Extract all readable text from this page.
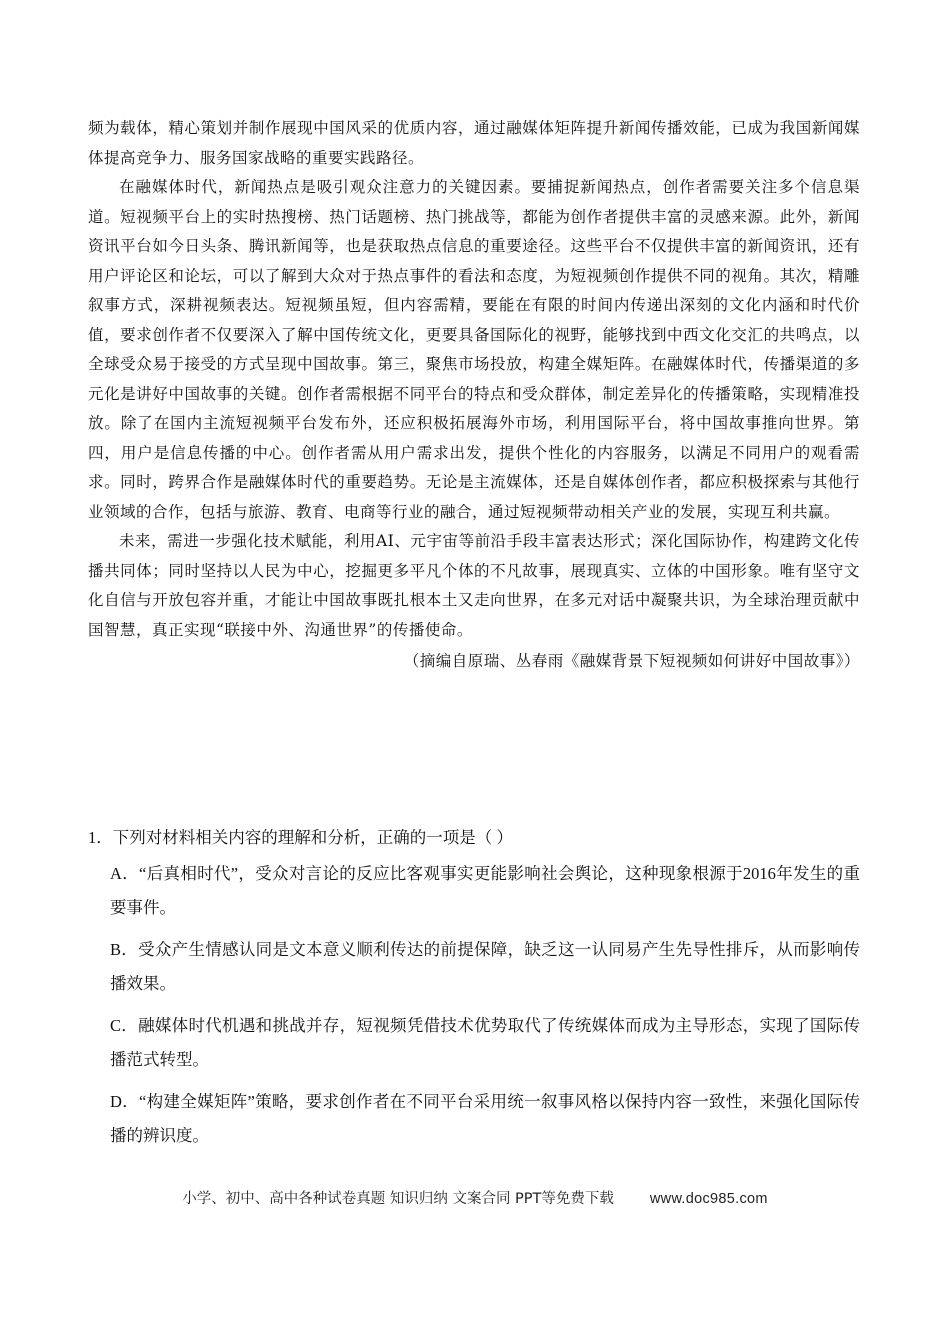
频为载体，精心策划并制作展现中国风采的优质内容，通过融媒体矩阵提升新闻传播效能，已成为我国新闻媒体提高竞争力、服务国家战略的重要实践路径。

在融媒体时代，新闻热点是吸引观众注意力的关键因素。要捕捉新闻热点，创作者需要关注多个信息渠道。短视频平台上的实时热搜榜、热门话题榜、热门挑战等，都能为创作者提供丰富的灵感来源。此外，新闻资讯平台如今日头条、腾讯新闻等，也是获取热点信息的重要途径。这些平台不仅提供丰富的新闻资讯，还有用户评论区和论坛，可以了解到大众对于热点事件的看法和态度，为短视频创作提供不同的视角。其次，精雕叙事方式，深耕视频表达。短视频虽短，但内容需精，要能在有限的时间内传递出深刻的文化内涵和时代价值，要求创作者不仅要深入了解中国传统文化，更要具备国际化的视野，能够找到中西文化交汇的共鸣点，以全球受众易于接受的方式呈现中国故事。第三，聚焦市场投放，构建全媒矩阵。在融媒体时代，传播渠道的多元化是讲好中国故事的关键。创作者需根据不同平台的特点和受众群体，制定差异化的传播策略，实现精准投放。除了在国内主流短视频平台发布外，还应积极拓展海外市场，利用国际平台，将中国故事推向世界。第四，用户是信息传播的中心。创作者需从用户需求出发，提供个性化的内容服务，以满足不同用户的观看需求。同时，跨界合作是融媒体时代的重要趋势。无论是主流媒体，还是自媒体创作者，都应积极探索与其他行业领域的合作，包括与旅游、教育、电商等行业的融合，通过短视频带动相关产业的发展，实现互利共赢。

未来，需进一步强化技术赋能，利用AI、元宇宙等前沿手段丰富表达形式；深化国际协作，构建跨文化传播共同体；同时坚持以人民为中心，挖掘更多平凡个体的不凡故事，展现真实、立体的中国形象。唯有坚守文化自信与开放包容并重，才能让中国故事既扎根本土又走向世界，在多元对话中凝聚共识，为全球治理贡献中国智慧，真正实现“联接中外、沟通世界”的传播使命。

（摘编自原瑞、丛春雨《融媒背景下短视频如何讲好中国故事》）

1．下列对材料相关内容的理解和分析，正确的一项是（ ）

A．“后真相时代”，受众对言论的反应比客观事实更能影响社会舆论，这种现象根源于2016年发生的重要事件。

B．受众产生情感认同是文本意义顺利传达的前提保障，缺乏这一认同易产生先导性排斥，从而影响传播效果。

C．融媒体时代机遇和挑战并存，短视频凭借技术优势取代了传统媒体而成为主导形态，实现了国际传播范式转型。

D．“构建全媒矩阵”策略，要求创作者在不同平台采用统一叙事风格以保持内容一致性，来强化国际传播的辨识度。

小学、初中、高中各种试卷真题 知识归纳 文案合同 PPT等免费下载 www.doc985.com
